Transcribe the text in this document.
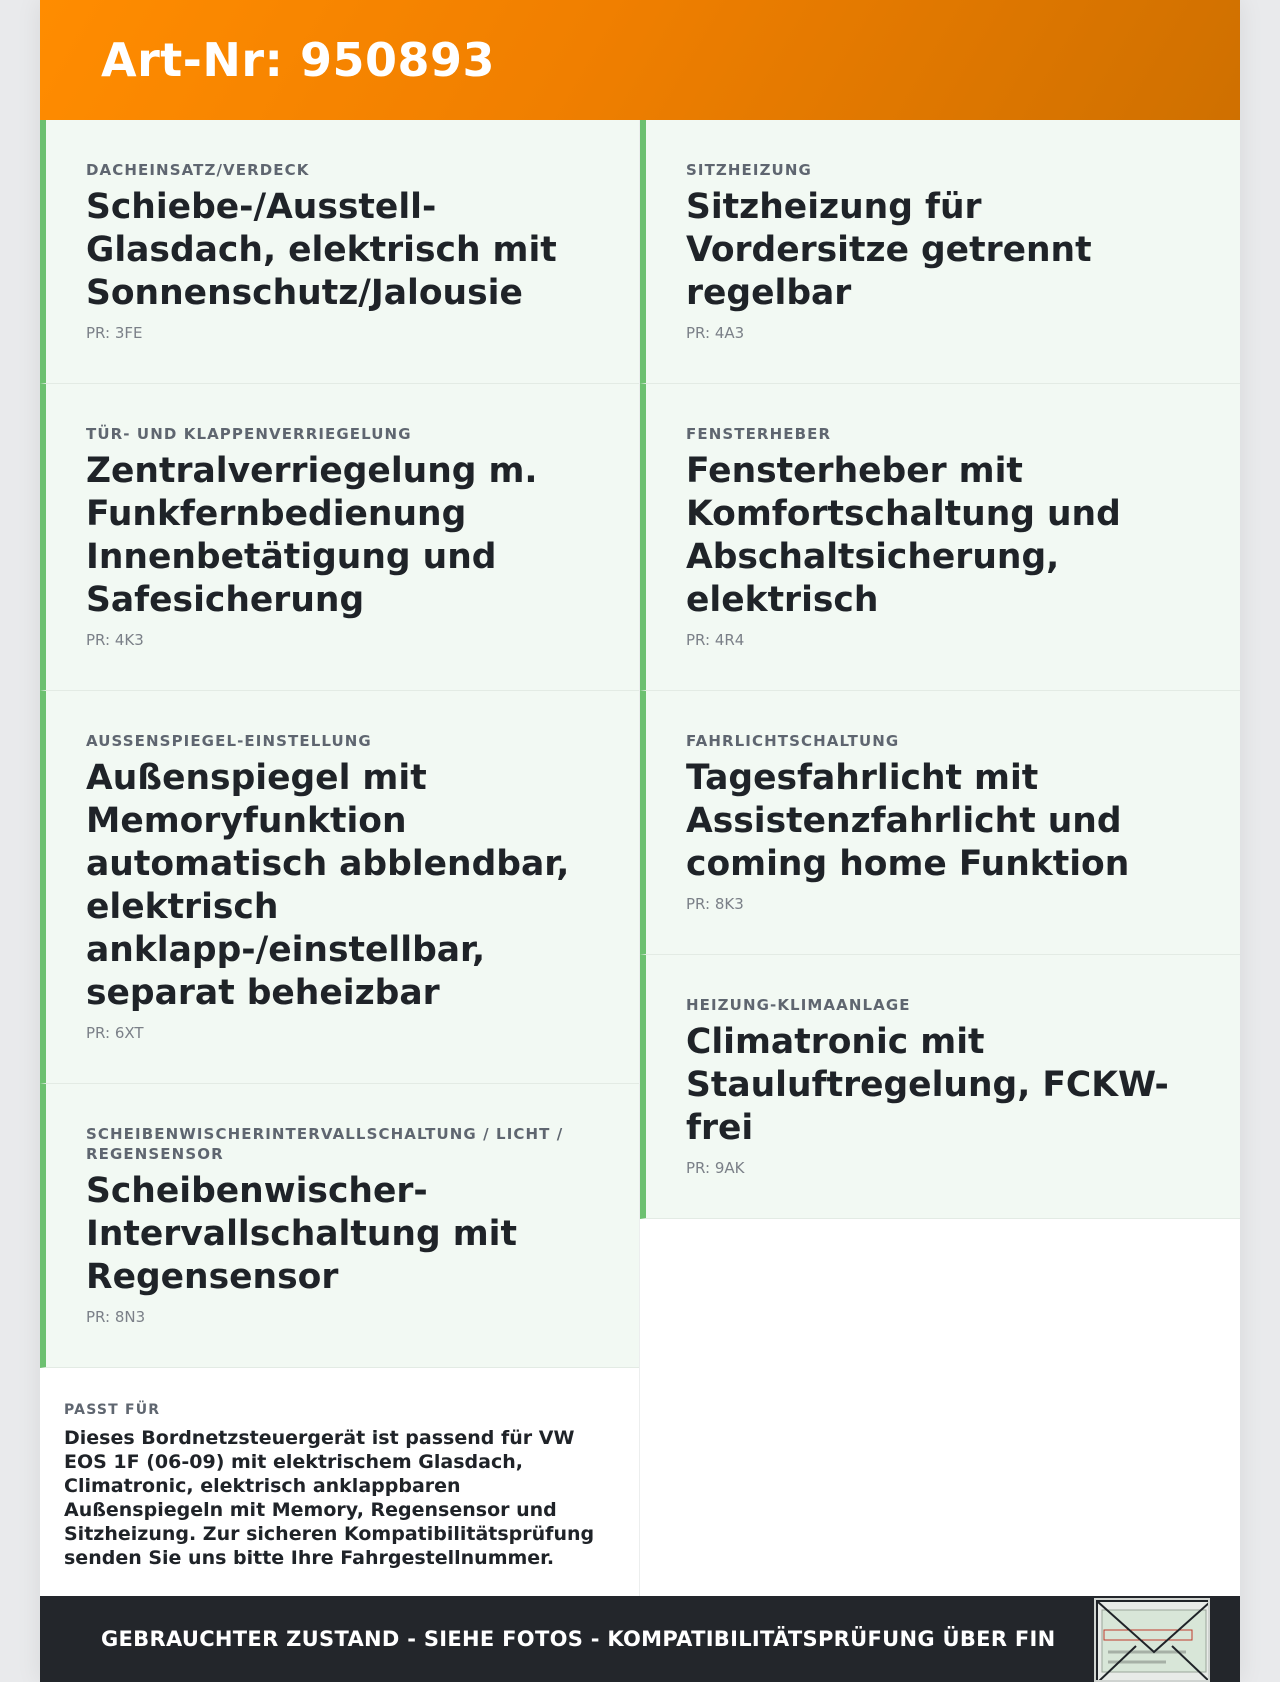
Art-Nr: 950893
DACHEINSATZ/VERDECK
Schiebe-/Ausstell-Glasdach, elektrisch mit Sonnenschutz/Jalousie
PR: 3FE
TÜR- UND KLAPPENVERRIEGELUNG
Zentralverriegelung m. Funkfernbedienung Innenbetätigung und Safesicherung
PR: 4K3
AUSSENSPIEGEL-EINSTELLUNG
Außenspiegel mit Memoryfunktion automatisch abblendbar, elektrisch anklapp-/einstellbar, separat beheizbar
PR: 6XT
SCHEIBENWISCHERINTERVALLSCHALTUNG / LICHT / REGENSENSOR
Scheibenwischer-Intervallschaltung mit Regensensor
PR: 8N3
PASST FÜR
Dieses Bordnetzsteuergerät ist passend für VW EOS 1F (06-09) mit elektrischem Glasdach, Climatronic, elektrisch anklappbaren Außenspiegeln mit Memory, Regensensor und Sitzheizung. Zur sicheren Kompatibilitätsprüfung senden Sie uns bitte Ihre Fahrgestellnummer.
SITZHEIZUNG
Sitzheizung für Vordersitze getrennt regelbar
PR: 4A3
FENSTERHEBER
Fensterheber mit Komfortschaltung und Abschaltsicherung, elektrisch
PR: 4R4
FAHRLICHTSCHALTUNG
Tagesfahrlicht mit Assistenzfahrlicht und coming home Funktion
PR: 8K3
HEIZUNG-KLIMAANLAGE
Climatronic mit Stauluftregelung, FCKW-frei
PR: 9AK
GEBRAUCHTER ZUSTAND - SIEHE FOTOS - KOMPATIBILITÄTSPRÜFUNG ÜBER FIN
